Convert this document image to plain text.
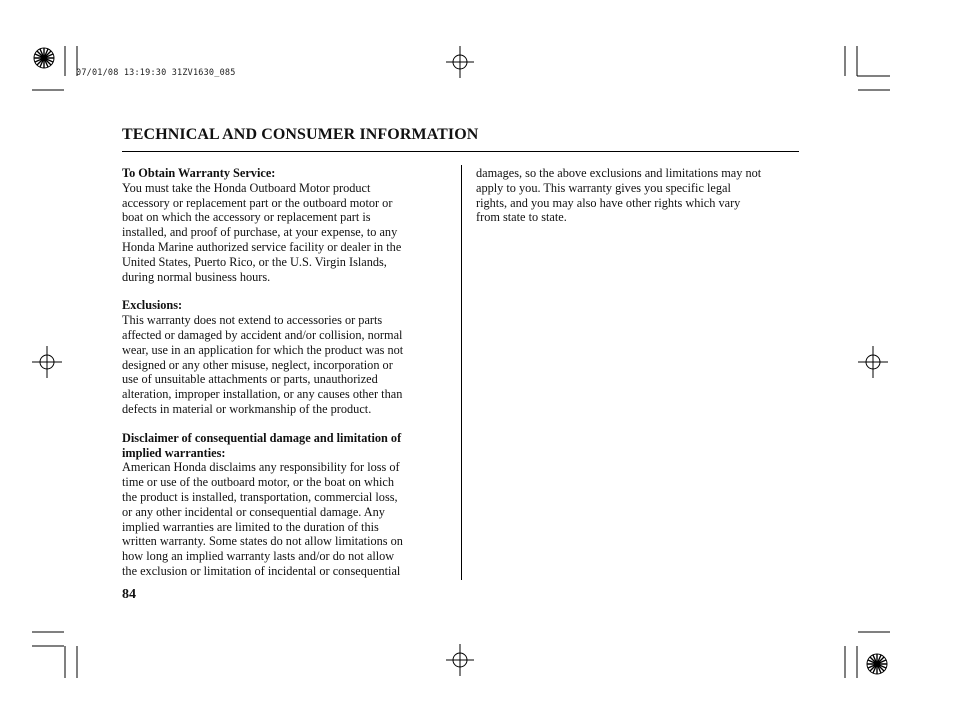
07/01/08 13:19:30 31ZV1630_085
TECHNICAL AND CONSUMER INFORMATION
To Obtain Warranty Service:
You must take the Honda Outboard Motor product
accessory or replacement part or the outboard motor or
boat on which the accessory or replacement part is
installed, and proof of purchase, at your expense, to any
Honda Marine authorized service facility or dealer in the
United States, Puerto Rico, or the U.S. Virgin Islands,
during normal business hours.
Exclusions:
This warranty does not extend to accessories or parts
affected or damaged by accident and/or collision, normal
wear, use in an application for which the product was not
designed or any other misuse, neglect, incorporation or
use of unsuitable attachments or parts, unauthorized
alteration, improper installation, or any causes other than
defects in material or workmanship of the product.
Disclaimer of consequential damage and limitation of
implied warranties:
American Honda disclaims any responsibility for loss of
time or use of the outboard motor, or the boat on which
the product is installed, transportation, commercial loss,
or any other incidental or consequential damage. Any
implied warranties are limited to the duration of this
written warranty. Some states do not allow limitations on
how long an implied warranty lasts and/or do not allow
the exclusion or limitation of incidental or consequential
damages, so the above exclusions and limitations may not
apply to you. This warranty gives you specific legal
rights, and you may also have other rights which vary
from state to state.
84
